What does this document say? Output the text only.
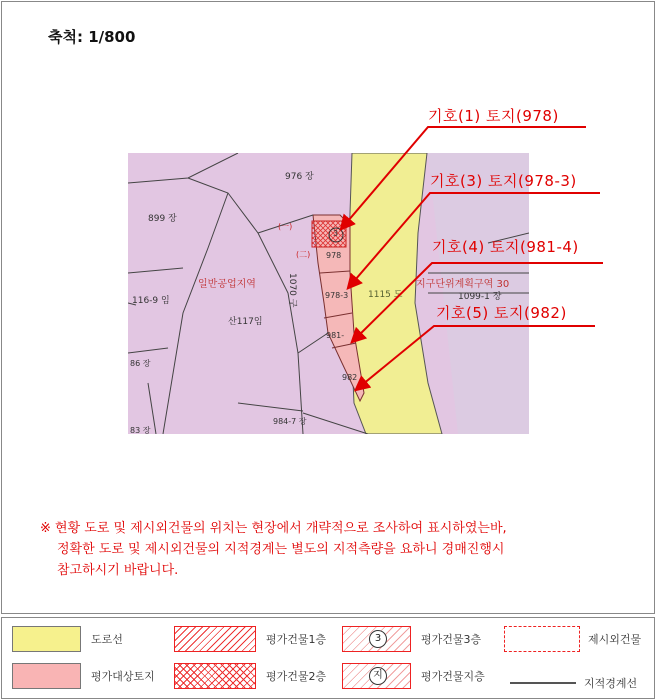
축척: 1/800
976 장
899 장
116-9 임
산117임
일반공업지역	지구단위계획구역 30
1115 도	1099-1 장
1070 구
978
978-3
981-
982
984-7 장
86 장
83 장
(一)
(二)
3
기호(1) 토지(978)
기호(3) 토지(978-3)
기호(4) 토지(981-4)
기호(5) 토지(982)
※ 현황 도로 및 제시외건물의 위치는 현장에서 개략적으로 조사하여 표시하였는바,
정확한 도로 및 제시외건물의 지적경계는 별도의 지적측량을 요하니 경매진행시
참고하시기 바랍니다.
도로선
평가대상토지
평가건물1층
평가건물2층
3	평가건물3층
지	평가건물지층
제시외건물
지적경계선
